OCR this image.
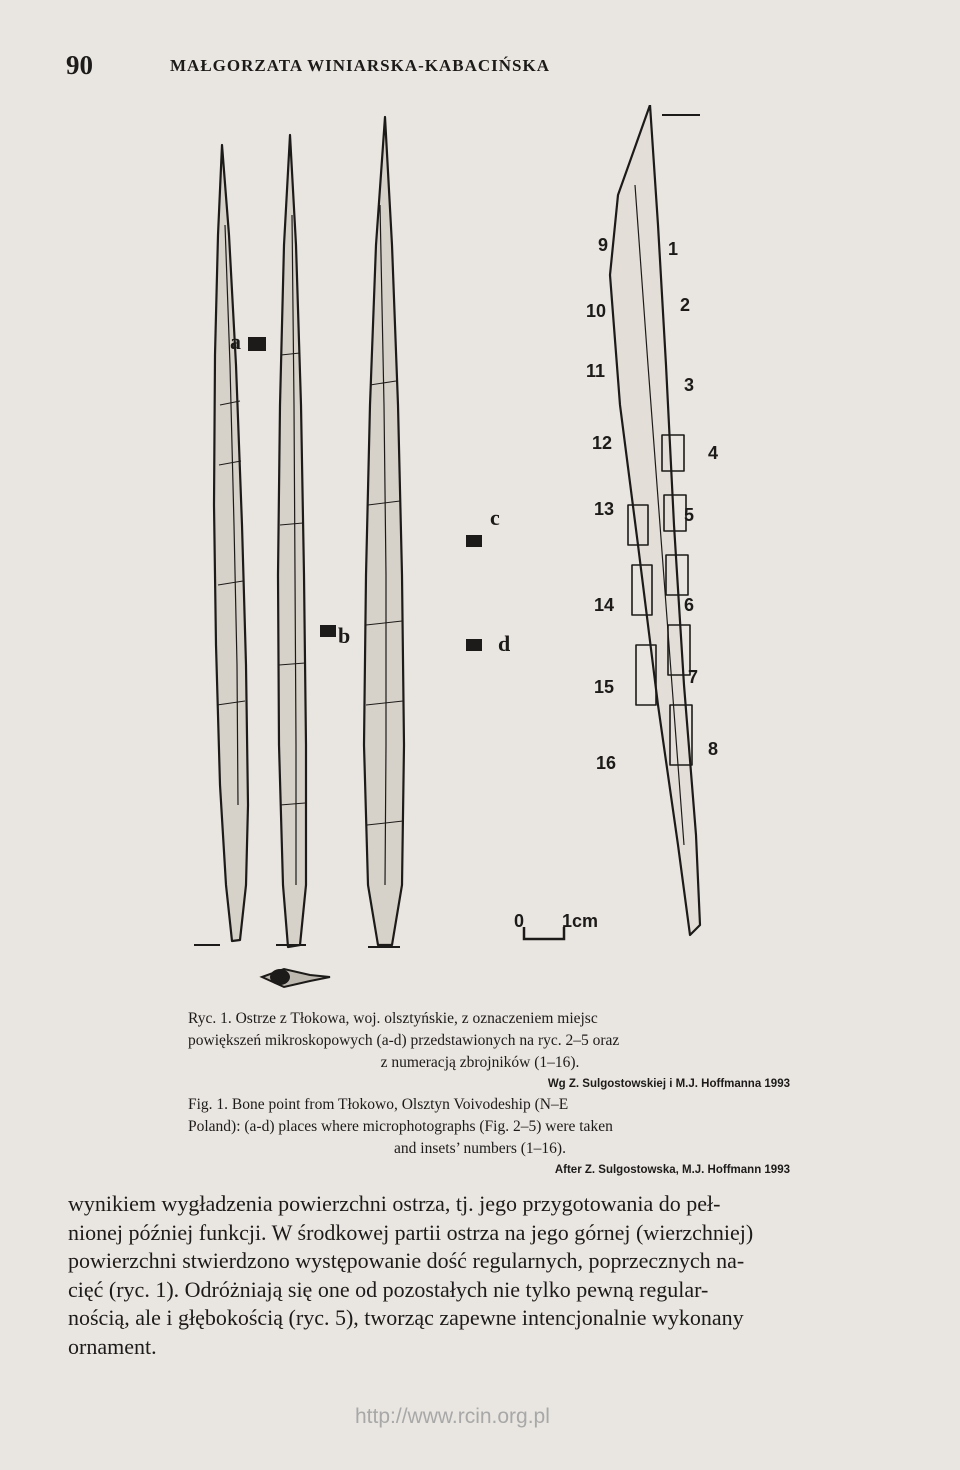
90	MAŁGORZATA WINIARSKA-KABACIŃSKA
a
b
c
d
9
10
11
12
13
14
15
16
1
2
3
4
5
6
7
8
0 1cm
Ryc. 1. Ostrze z Tłokowa, woj. olsztyńskie, z oznaczeniem miejsc
powiększeń mikroskopowych (a-d) przedstawionych na ryc. 2–5 oraz
z numeracją zbrojników (1–16).
Wg Z. Sulgostowskiej i M.J. Hoffmanna 1993
Fig. 1. Bone point from Tłokowo, Olsztyn Voivodeship (N–E
Poland): (a-d) places where microphotographs (Fig. 2–5) were taken
and insets’ numbers (1–16).
After Z. Sulgostowska, M.J. Hoffmann 1993
wynikiem wygładzenia powierzchni ostrza, tj. jego przygotowania do peł-
nionej później funkcji. W środkowej partii ostrza na jego górnej (wierzchniej)
powierzchni stwierdzono występowanie dość regularnych, poprzecznych na-
cięć (ryc. 1). Odróżniają się one od pozostałych nie tylko pewną regular-
nością, ale i głębokością (ryc. 5), tworząc zapewne intencjonalnie wykonany
ornament.
http://www.rcin.org.pl
